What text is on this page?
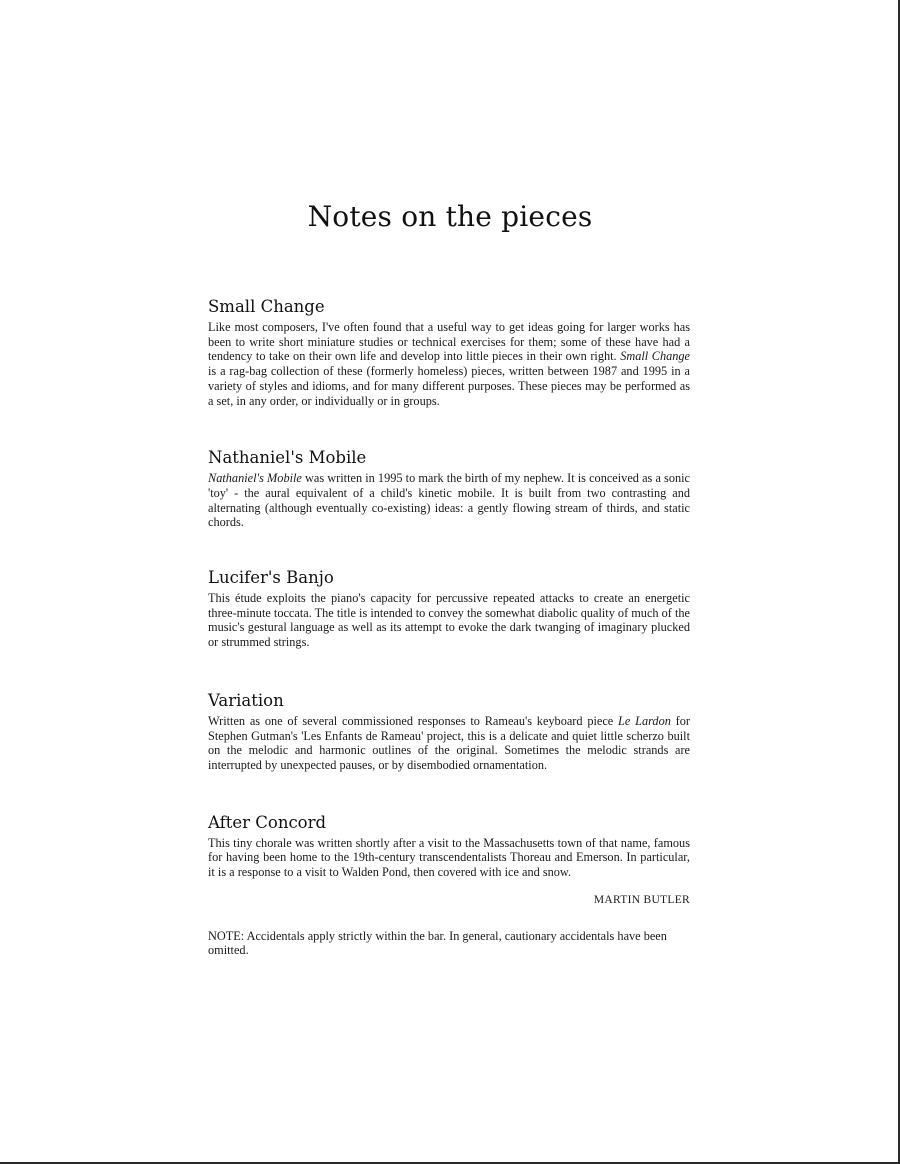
Notes on the pieces
Small Change

Like most composers, I've often found that a useful way to get ideas going for larger works has been to write short miniature studies or technical exercises for them; some of these have had a tendency to take on their own life and develop into little pieces in their own right. Small Change is a rag-bag collection of these (formerly homeless) pieces, written between 1987 and 1995 in a variety of styles and idioms, and for many different purposes. These pieces may be performed as a set, in any order, or individually or in groups.

Nathaniel's Mobile

Nathaniel's Mobile was written in 1995 to mark the birth of my nephew. It is conceived as a sonic 'toy' - the aural equivalent of a child's kinetic mobile. It is built from two contrasting and alternating (although eventually co-existing) ideas: a gently flowing stream of thirds, and static chords.

Lucifer's Banjo

This étude exploits the piano's capacity for percussive repeated attacks to create an energetic three-minute toccata. The title is intended to convey the somewhat diabolic quality of much of the music's gestural language as well as its attempt to evoke the dark twanging of imaginary plucked or strummed strings.

Variation

Written as one of several commissioned responses to Rameau's keyboard piece Le Lardon for Stephen Gutman's 'Les Enfants de Rameau' project, this is a delicate and quiet little scherzo built on the melodic and harmonic outlines of the original. Sometimes the melodic strands are interrupted by unexpected pauses, or by disembodied ornamentation.

After Concord

This tiny chorale was written shortly after a visit to the Massachusetts town of that name, famous for having been home to the 19th-century transcendentalists Thoreau and Emerson. In particular, it is a response to a visit to Walden Pond, then covered with ice and snow.

MARTIN BUTLER
NOTE: Accidentals apply strictly within the bar. In general, cautionary accidentals have been omitted.
